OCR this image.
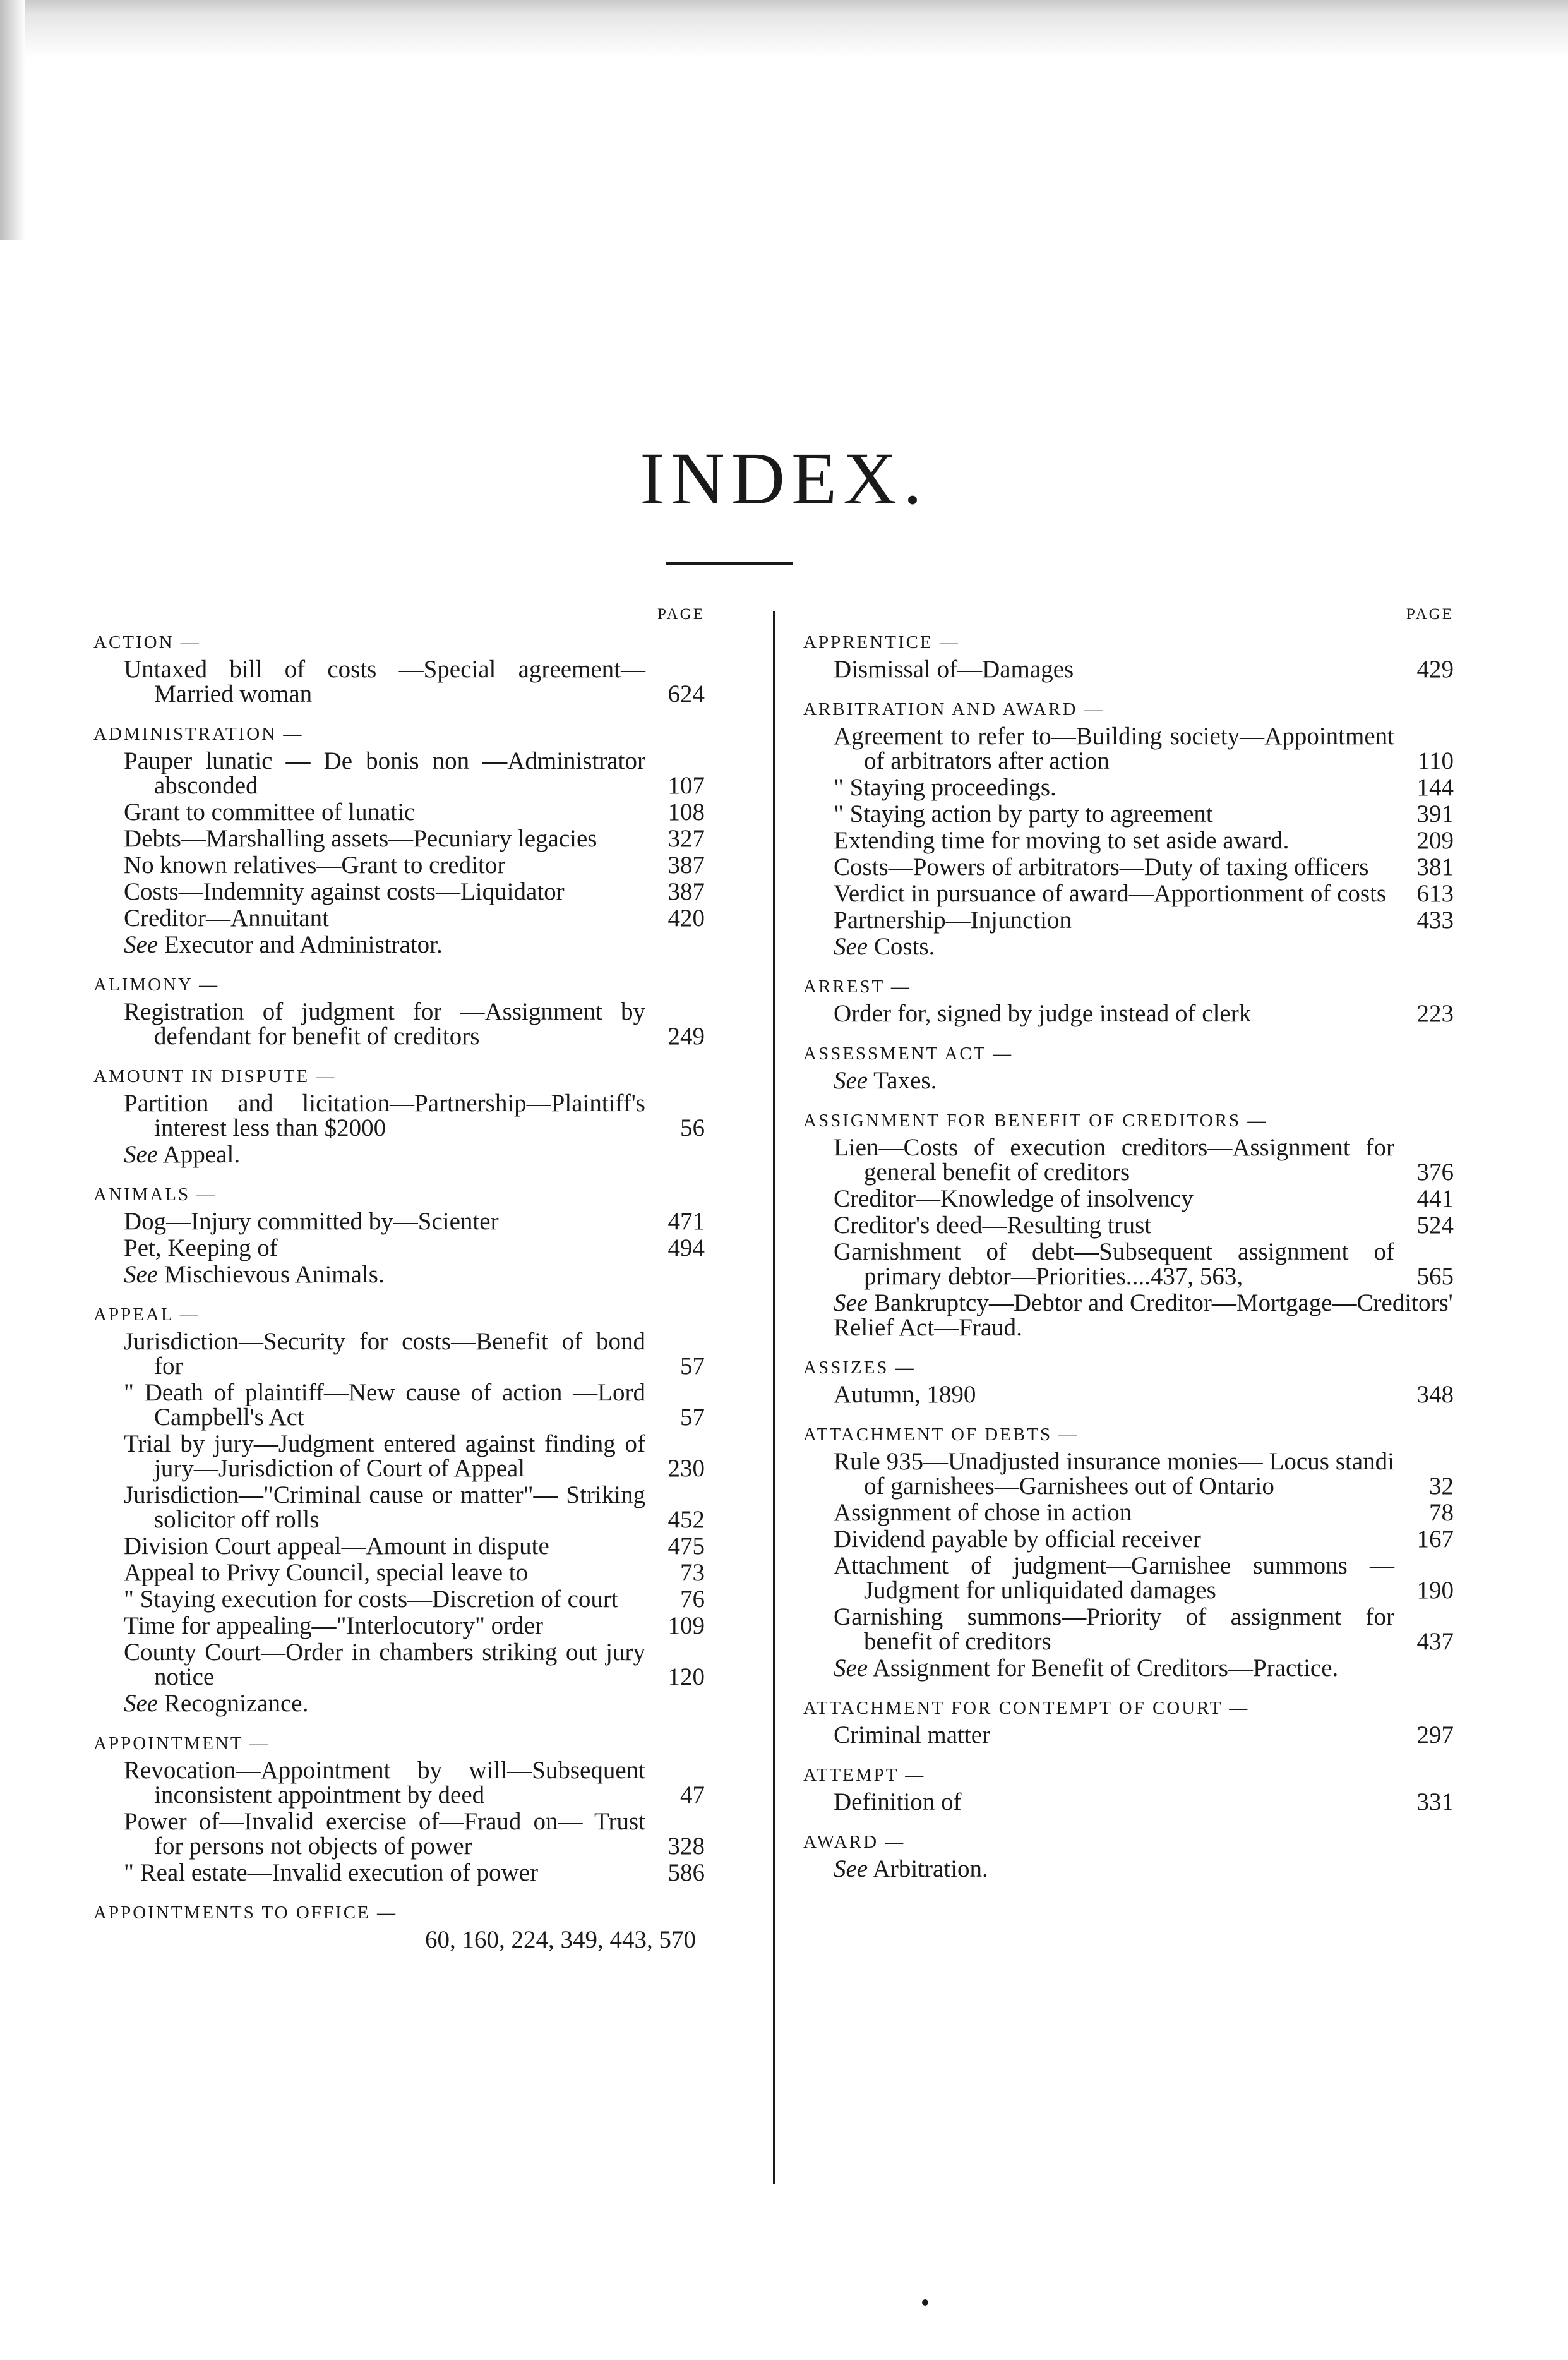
INDEX.
PAGE
ACTION —
Untaxed bill of costs —Special agreement— Married woman	624
ADMINISTRATION —
Pauper lunatic — De bonis non —Administrator absconded	107
Grant to committee of lunatic	108
Debts—Marshalling assets—Pecuniary legacies	327
No known relatives—Grant to creditor	387
Costs—Indemnity against costs—Liquidator	387
Creditor—Annuitant	420
See Executor and Administrator.
ALIMONY —
Registration of judgment for —Assignment by defendant for benefit of creditors	249
AMOUNT IN DISPUTE —
Partition and licitation—Partnership—Plaintiff's interest less than $2000	56
See Appeal.
ANIMALS —
Dog—Injury committed by—Scienter	471
Pet, Keeping of	494
See Mischievous Animals.
APPEAL —
Jurisdiction—Security for costs—Benefit of bond for	57
" Death of plaintiff—New cause of action —Lord Campbell's Act	57
Trial by jury—Judgment entered against finding of jury—Jurisdiction of Court of Appeal	230
Jurisdiction—"Criminal cause or matter"— Striking solicitor off rolls	452
Division Court appeal—Amount in dispute	475
Appeal to Privy Council, special leave to	73
" Staying execution for costs—Discretion of court	76
Time for appealing—"Interlocutory" order	109
County Court—Order in chambers striking out jury notice	120
See Recognizance.
APPOINTMENT —
Revocation—Appointment by will—Subsequent inconsistent appointment by deed	47
Power of—Invalid exercise of—Fraud on— Trust for persons not objects of power	328
" Real estate—Invalid execution of power	586
APPOINTMENTS TO OFFICE —
60, 160, 224, 349, 443, 570
PAGE
APPRENTICE —
Dismissal of—Damages	429
ARBITRATION AND AWARD —
Agreement to refer to—Building society—Appointment of arbitrators after action	110
" Staying proceedings.	144
" Staying action by party to agreement	391
Extending time for moving to set aside award.	209
Costs—Powers of arbitrators—Duty of taxing officers	381
Verdict in pursuance of award—Apportionment of costs	613
Partnership—Injunction	433
See Costs.
ARREST —
Order for, signed by judge instead of clerk	223
ASSESSMENT ACT —
See Taxes.
ASSIGNMENT FOR BENEFIT OF CREDITORS —
Lien—Costs of execution creditors—Assignment for general benefit of creditors	376
Creditor—Knowledge of insolvency	441
Creditor's deed—Resulting trust	524
Garnishment of debt—Subsequent assignment of primary debtor—Priorities....437, 563,	565
See Bankruptcy—Debtor and Creditor—Mortgage—Creditors' Relief Act—Fraud.
ASSIZES —
Autumn, 1890	348
ATTACHMENT OF DEBTS —
Rule 935—Unadjusted insurance monies— Locus standi of garnishees—Garnishees out of Ontario	32
Assignment of chose in action	78
Dividend payable by official receiver	167
Attachment of judgment—Garnishee summons —Judgment for unliquidated damages	190
Garnishing summons—Priority of assignment for benefit of creditors	437
See Assignment for Benefit of Creditors—Practice.
ATTACHMENT FOR CONTEMPT OF COURT —
Criminal matter	297
ATTEMPT —
Definition of	331
AWARD —
See Arbitration.
